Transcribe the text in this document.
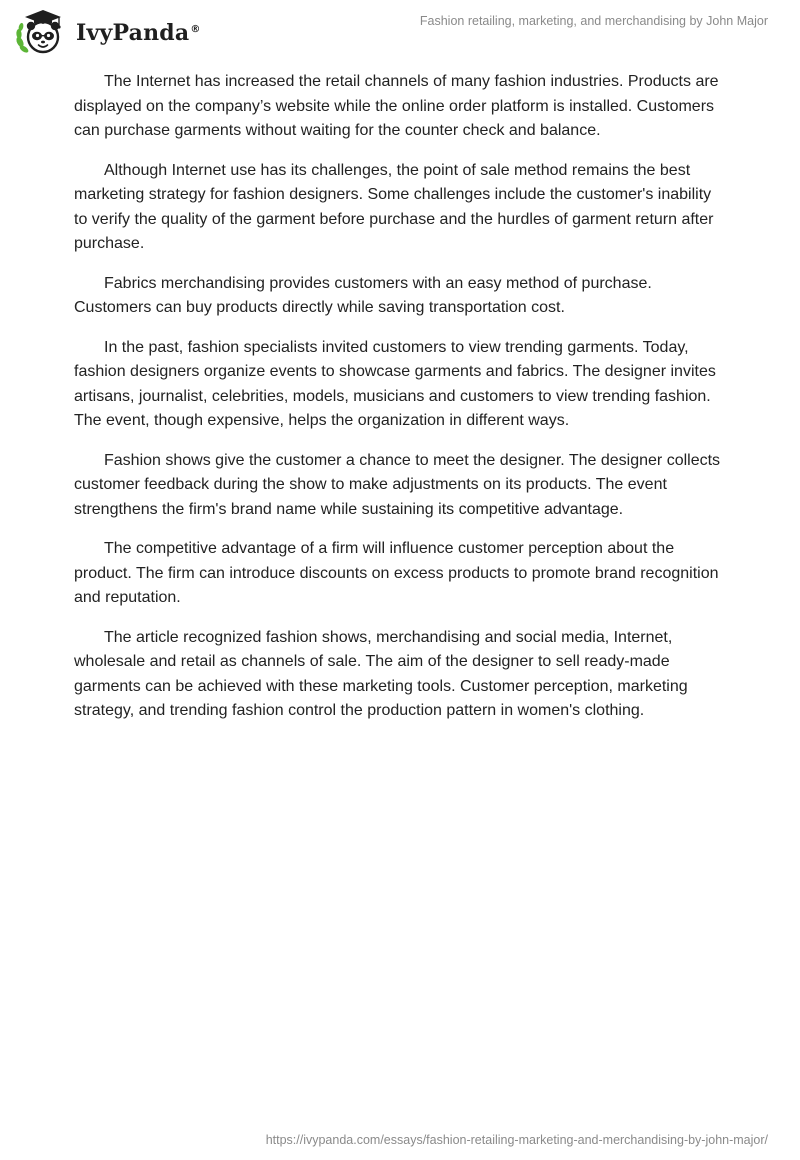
IvyPanda®
Fashion retailing, marketing, and merchandising by John Major

The Internet has increased the retail channels of many fashion industries. Products are displayed on the company’s website while the online order platform is installed. Customers can purchase garments without waiting for the counter check and balance.

Although Internet use has its challenges, the point of sale method remains the best marketing strategy for fashion designers. Some challenges include the customer's inability to verify the quality of the garment before purchase and the hurdles of garment return after purchase.

Fabrics merchandising provides customers with an easy method of purchase. Customers can buy products directly while saving transportation cost.

In the past, fashion specialists invited customers to view trending garments. Today, fashion designers organize events to showcase garments and fabrics. The designer invites artisans, journalist, celebrities, models, musicians and customers to view trending fashion. The event, though expensive, helps the organization in different ways.

Fashion shows give the customer a chance to meet the designer. The designer collects customer feedback during the show to make adjustments on its products. The event strengthens the firm's brand name while sustaining its competitive advantage.

The competitive advantage of a firm will influence customer perception about the product. The firm can introduce discounts on excess products to promote brand recognition and reputation.

The article recognized fashion shows, merchandising and social media, Internet, wholesale and retail as channels of sale. The aim of the designer to sell ready-made garments can be achieved with these marketing tools. Customer perception, marketing strategy, and trending fashion control the production pattern in women's clothing.

https://ivypanda.com/essays/fashion-retailing-marketing-and-merchandising-by-john-major/
